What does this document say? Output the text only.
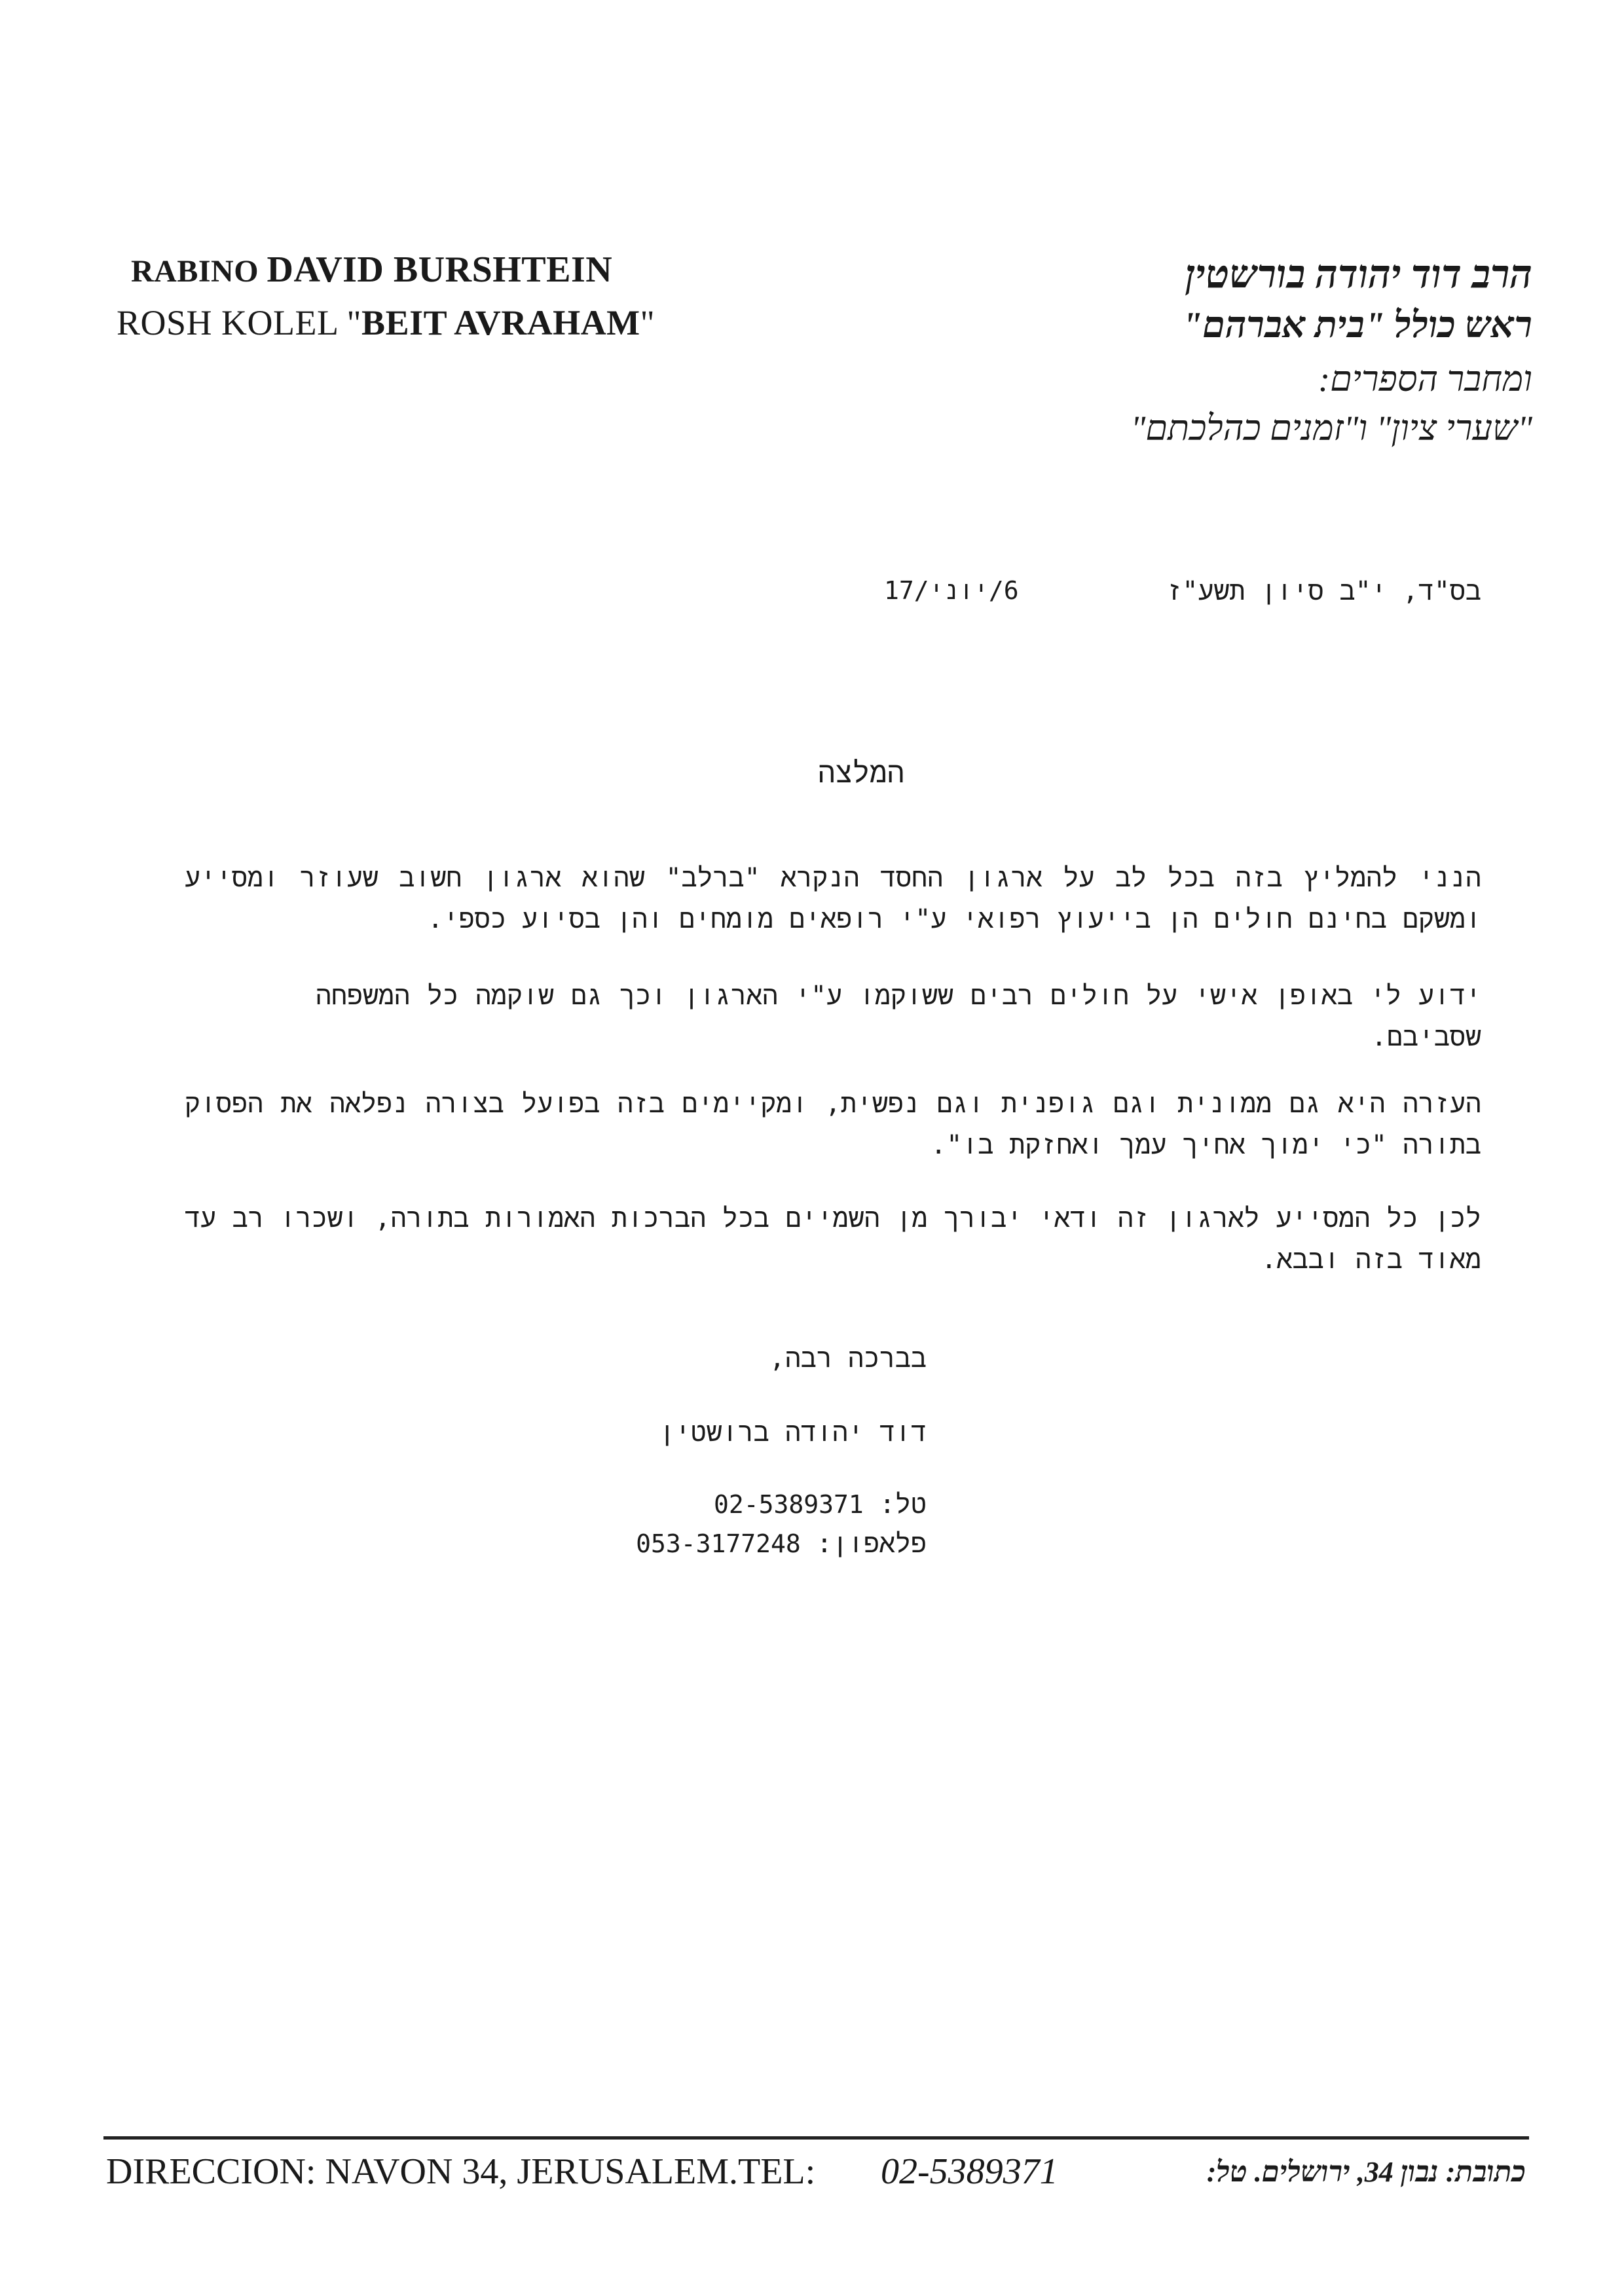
RABINO DAVID BURSHTEIN
ROSH KOLEL "BEIT AVRAHAM"
הרב דוד יהודה בורשטין
ראש כולל "בית אברהם"
ומחבר הספרים:
"שערי ציון" ו"זמנים כהלכתם"
בס"ד, י"ב סיון תשע"ז
6/יוני/17
המלצה

הנני להמליץ בזה בכל לב על ארגון החסד הנקרא "ברלב" שהוא ארגון חשוב שעוזר ומסייע ומשקם בחינם חולים הן בייעוץ רפואי ע"י רופאים מומחים והן בסיוע כספי.

ידוע לי באופן אישי על חולים רבים ששוקמו ע"י הארגון וכך גם שוקמה כל המשפחה שסביבם.

העזרה היא גם ממונית וגם גופנית וגם נפשית, ומקיימים בזה בפועל בצורה נפלאה את הפסוק בתורה "כי ימוך אחיך עמך ואחזקת בו".

לכן כל המסייע לארגון זה ודאי יבורך מן השמיים בכל הברכות האמורות בתורה, ושכרו רב עד מאוד בזה ובבא.

בברכה רבה,
דוד יהודה ברושטין
טל: 02-5389371
פלאפון: 053-3177248
DIRECCION: NAVON 34, JERUSALEM.TEL: 02-5389371	כתובת: נבון 34, ירושלים. טל:
